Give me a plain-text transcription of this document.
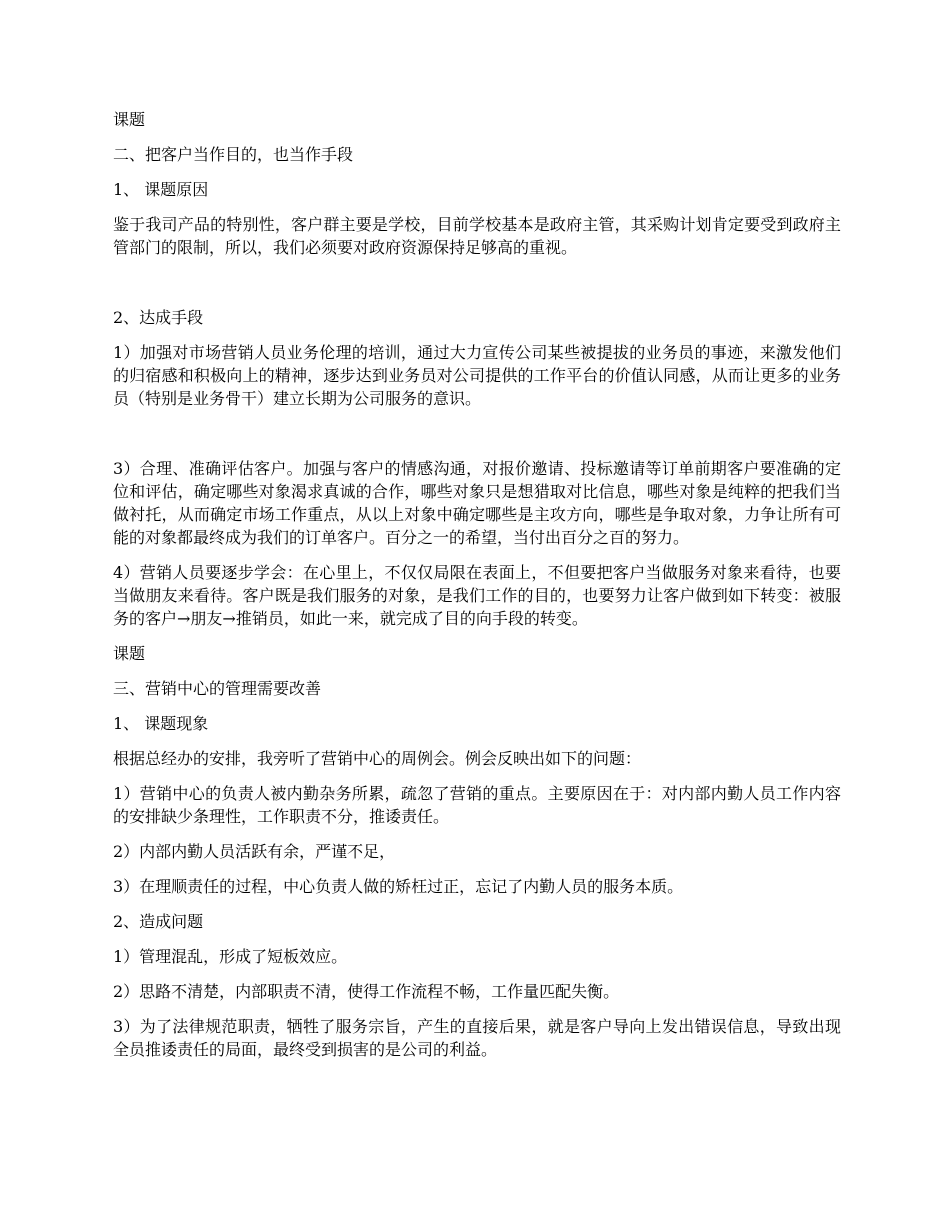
课题

二、把客户当作目的，也当作手段

1、 课题原因

鉴于我司产品的特别性，客户群主要是学校，目前学校基本是政府主管，其采购计划肯定要受到政府主管部门的限制，所以，我们必须要对政府资源保持足够高的重视。

2、达成手段

1）加强对市场营销人员业务伦理的培训，通过大力宣传公司某些被提拔的业务员的事迹，来激发他们的归宿感和积极向上的精神，逐步达到业务员对公司提供的工作平台的价值认同感，从而让更多的业务员（特别是业务骨干）建立长期为公司服务的意识。

3）合理、准确评估客户。加强与客户的情感沟通，对报价邀请、投标邀请等订单前期客户要准确的定位和评估，确定哪些对象渴求真诚的合作，哪些对象只是想猎取对比信息，哪些对象是纯粹的把我们当做衬托，从而确定市场工作重点，从以上对象中确定哪些是主攻方向，哪些是争取对象，力争让所有可能的对象都最终成为我们的订单客户。百分之一的希望，当付出百分之百的努力。

4）营销人员要逐步学会：在心里上，不仅仅局限在表面上，不但要把客户当做服务对象来看待，也要当做朋友来看待。客户既是我们服务的对象，是我们工作的目的，也要努力让客户做到如下转变：被服务的客户→朋友→推销员，如此一来，就完成了目的向手段的转变。

课题

三、营销中心的管理需要改善

1、 课题现象

根据总经办的安排，我旁听了营销中心的周例会。例会反映出如下的问题：

1）营销中心的负责人被内勤杂务所累，疏忽了营销的重点。主要原因在于：对内部内勤人员工作内容的安排缺少条理性，工作职责不分，推诿责任。

2）内部内勤人员活跃有余，严谨不足，

3）在理顺责任的过程，中心负责人做的矫枉过正，忘记了内勤人员的服务本质。

2、造成问题

1）管理混乱，形成了短板效应。

2）思路不清楚，内部职责不清，使得工作流程不畅，工作量匹配失衡。

3）为了法律规范职责，牺牲了服务宗旨，产生的直接后果，就是客户导向上发出错误信息，导致出现全员推诿责任的局面，最终受到损害的是公司的利益。
